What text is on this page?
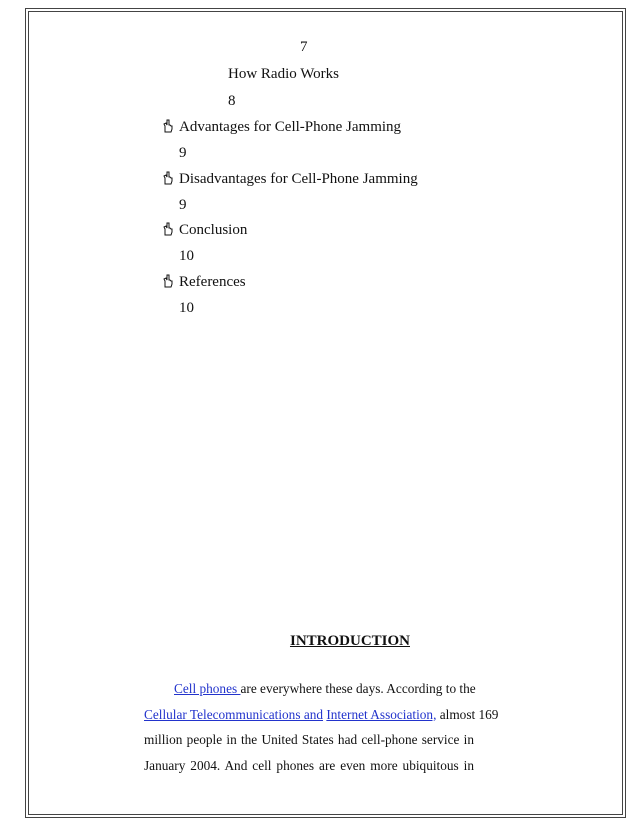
7
How Radio Works
8
Advantages for Cell-Phone Jamming
9
Disadvantages for Cell-Phone Jamming
9
Conclusion
10
References
10
INTRODUCTION
Cell phones are everywhere these days. According to the
Cellular Telecommunications and Internet Association, almost 169
million people in the United States had cell-phone service in
January 2004. And cell phones are even more ubiquitous in
